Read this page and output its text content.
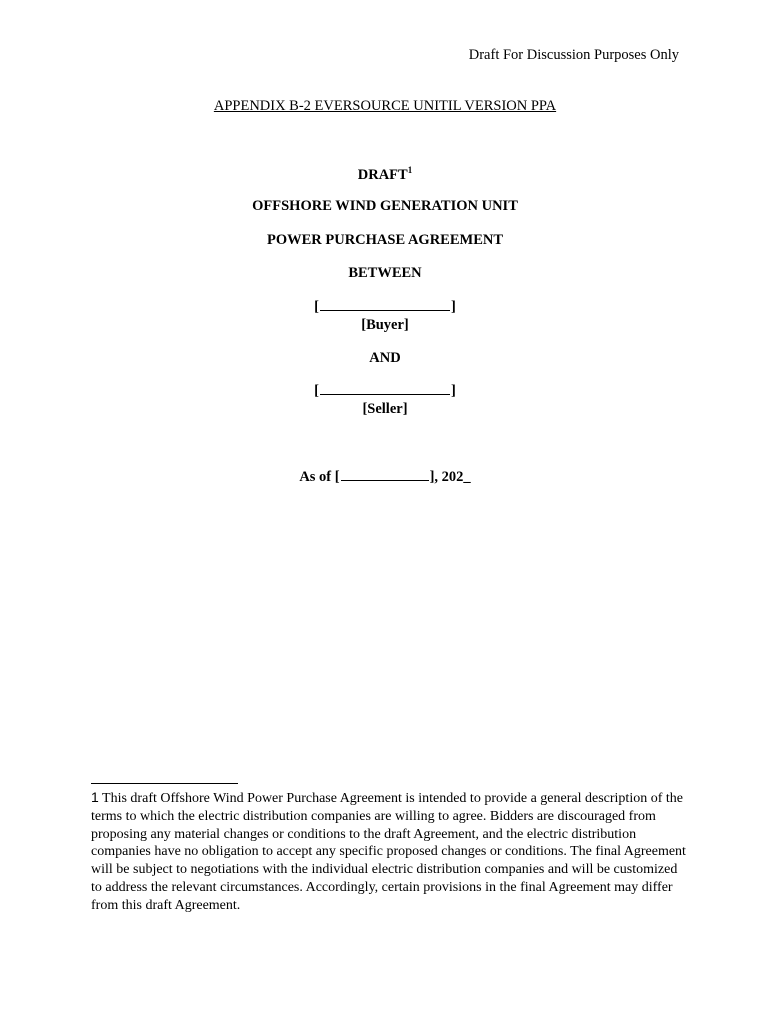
Draft For Discussion Purposes Only
APPENDIX B-2 EVERSOURCE UNITIL VERSION PPA
DRAFT$^1$
OFFSHORE WIND GENERATION UNIT
POWER PURCHASE AGREEMENT
BETWEEN
[	]
[Buyer]
AND
[	]
[Seller]
As of [	], 202_
1 This draft Offshore Wind Power Purchase Agreement is intended to provide a general description of the terms to which the electric distribution companies are willing to agree. Bidders are discouraged from proposing any material changes or conditions to the draft Agreement, and the electric distribution companies have no obligation to accept any specific proposed changes or conditions. The final Agreement will be subject to negotiations with the individual electric distribution companies and will be customized to address the relevant circumstances. Accordingly, certain provisions in the final Agreement may differ from this draft Agreement.
